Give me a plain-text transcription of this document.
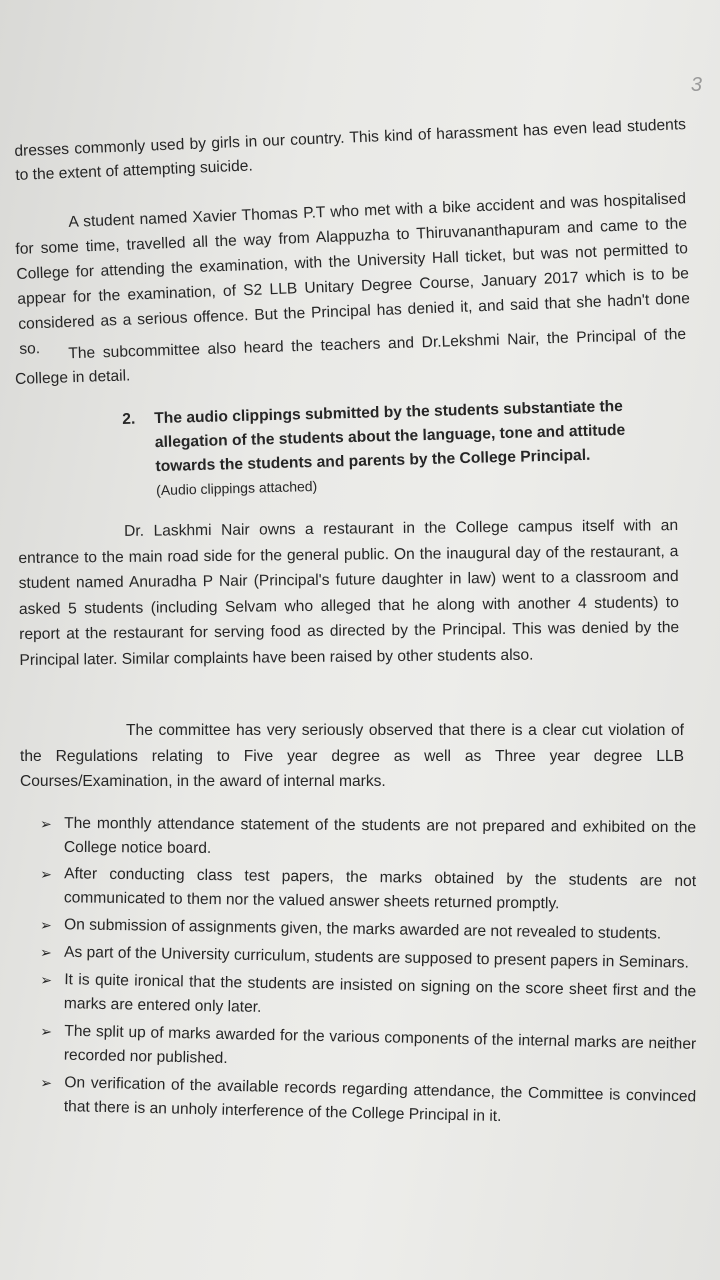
3
dresses commonly used by girls in our country. This kind of harassment has even lead students to the extent of attempting suicide.
A student named Xavier Thomas P.T who met with a bike accident and was hospitalised for some time, travelled all the way from Alappuzha to Thiruvananthapuram and came to the College for attending the examination, with the University Hall ticket, but was not permitted to appear for the examination, of S2 LLB Unitary Degree Course, January 2017 which is to be considered as a serious offence. But the Principal has denied it, and said that she hadn't done so.	The subcommittee also heard the teachers and Dr.Lekshmi Nair, the Principal of the College in detail.
2. The audio clippings submitted by the students substantiate the allegation of the students about the language, tone and attitude towards the students and parents by the College Principal.
(Audio clippings attached)
Dr. Laskhmi Nair owns a restaurant in the College campus itself with an entrance to the main road side for the general public. On the inaugural day of the restaurant, a student named Anuradha P Nair (Principal's future daughter in law) went to a classroom and asked 5 students (including Selvam who alleged that he along with another 4 students) to report at the restaurant for serving food as directed by the Principal. This was denied by the Principal later. Similar complaints have been raised by other students also.
The committee has very seriously observed that there is a clear cut violation of the Regulations relating to Five year degree as well as Three year degree LLB Courses/Examination, in the award of internal marks.
➢ The monthly attendance statement of the students are not prepared and exhibited on the College notice board.
➢ After conducting class test papers, the marks obtained by the students are not communicated to them nor the valued answer sheets returned promptly.
➢ On submission of assignments given, the marks awarded are not revealed to students.
➢ As part of the University curriculum, students are supposed to present papers in Seminars.
➢ It is quite ironical that the students are insisted on signing on the score sheet first and the marks are entered only later.
➢ The split up of marks awarded for the various components of the internal marks are neither recorded nor published.
➢ On verification of the available records regarding attendance, the Committee is convinced that there is an unholy interference of the College Principal in it.
